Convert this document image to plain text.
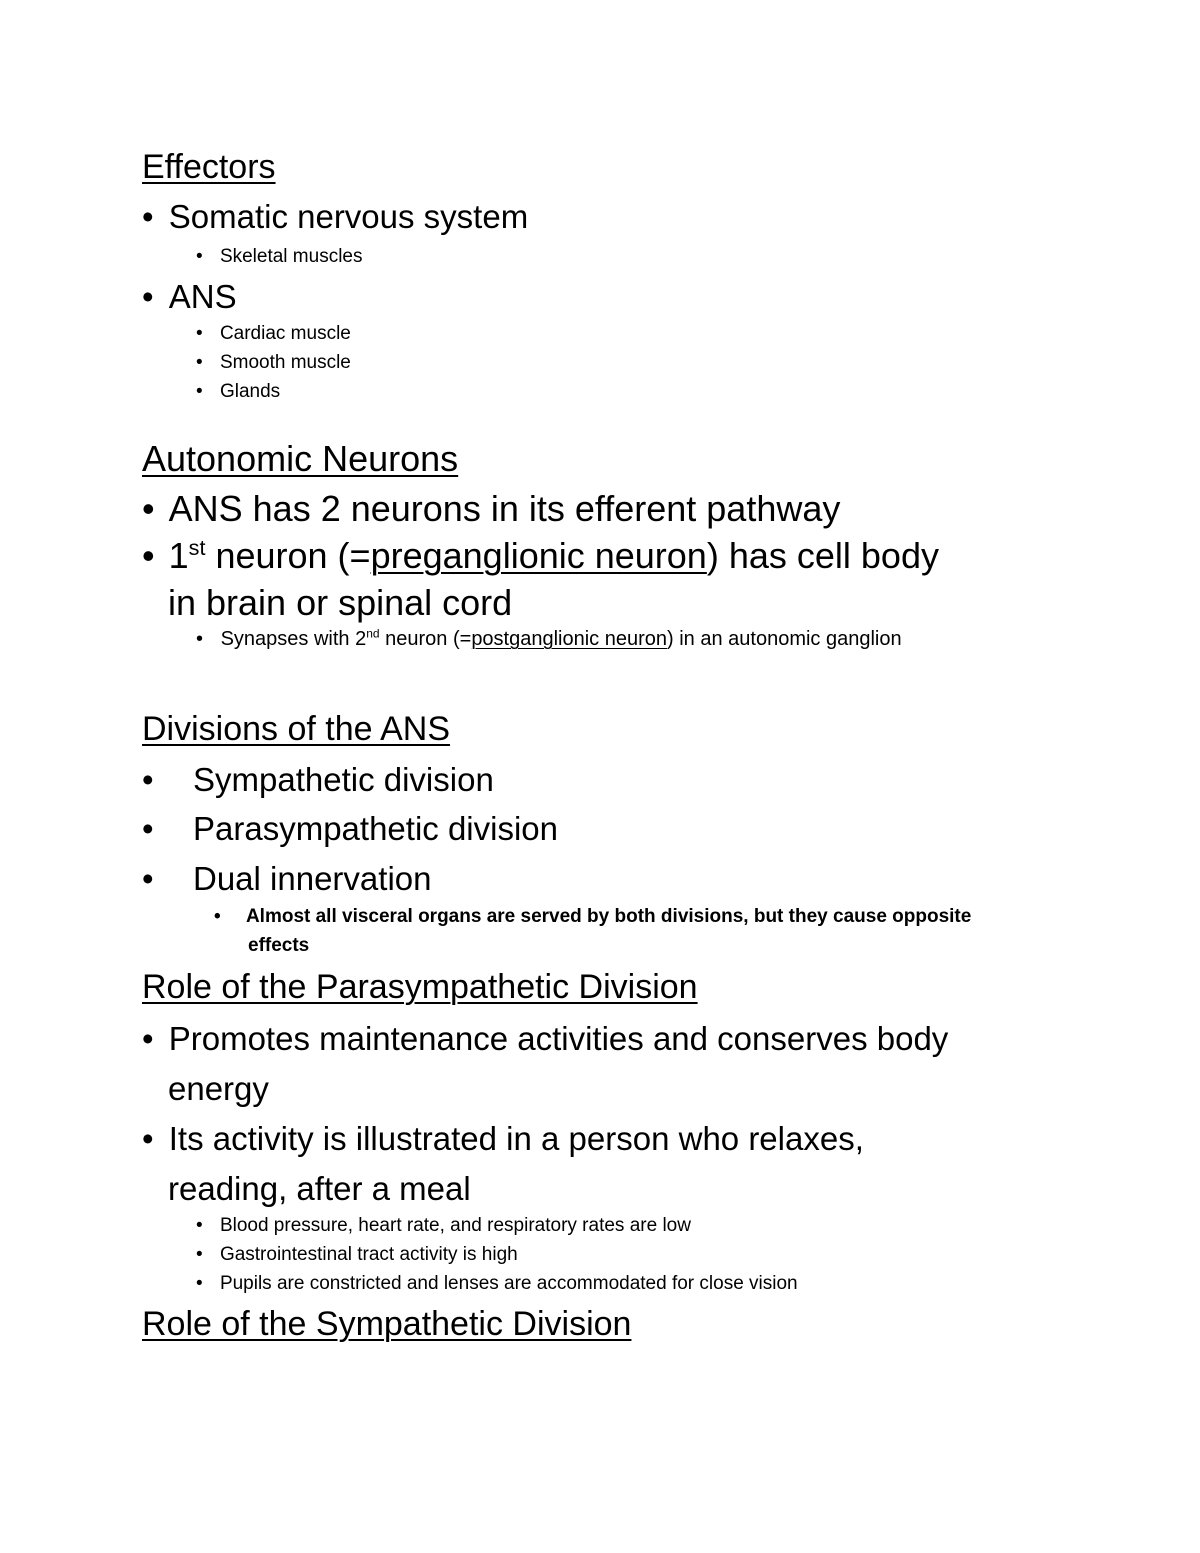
Effectors
• Somatic nervous system
• Skeletal muscles
• ANS
• Cardiac muscle
• Smooth muscle
• Glands
Autonomic Neurons
• ANS has 2 neurons in its efferent pathway
• 1st neuron (=preganglionic neuron) has cell body
in brain or spinal cord
• Synapses with 2nd neuron (=postganglionic neuron) in an autonomic ganglion
Divisions of the ANS
• Sympathetic division
• Parasympathetic division
• Dual innervation
• Almost all visceral organs are served by both divisions, but they cause opposite
effects
Role of the Parasympathetic Division
• Promotes maintenance activities and conserves body
energy
• Its activity is illustrated in a person who relaxes,
reading, after a meal
• Blood pressure, heart rate, and respiratory rates are low
• Gastrointestinal tract activity is high
• Pupils are constricted and lenses are accommodated for close vision
Role of the Sympathetic Division
